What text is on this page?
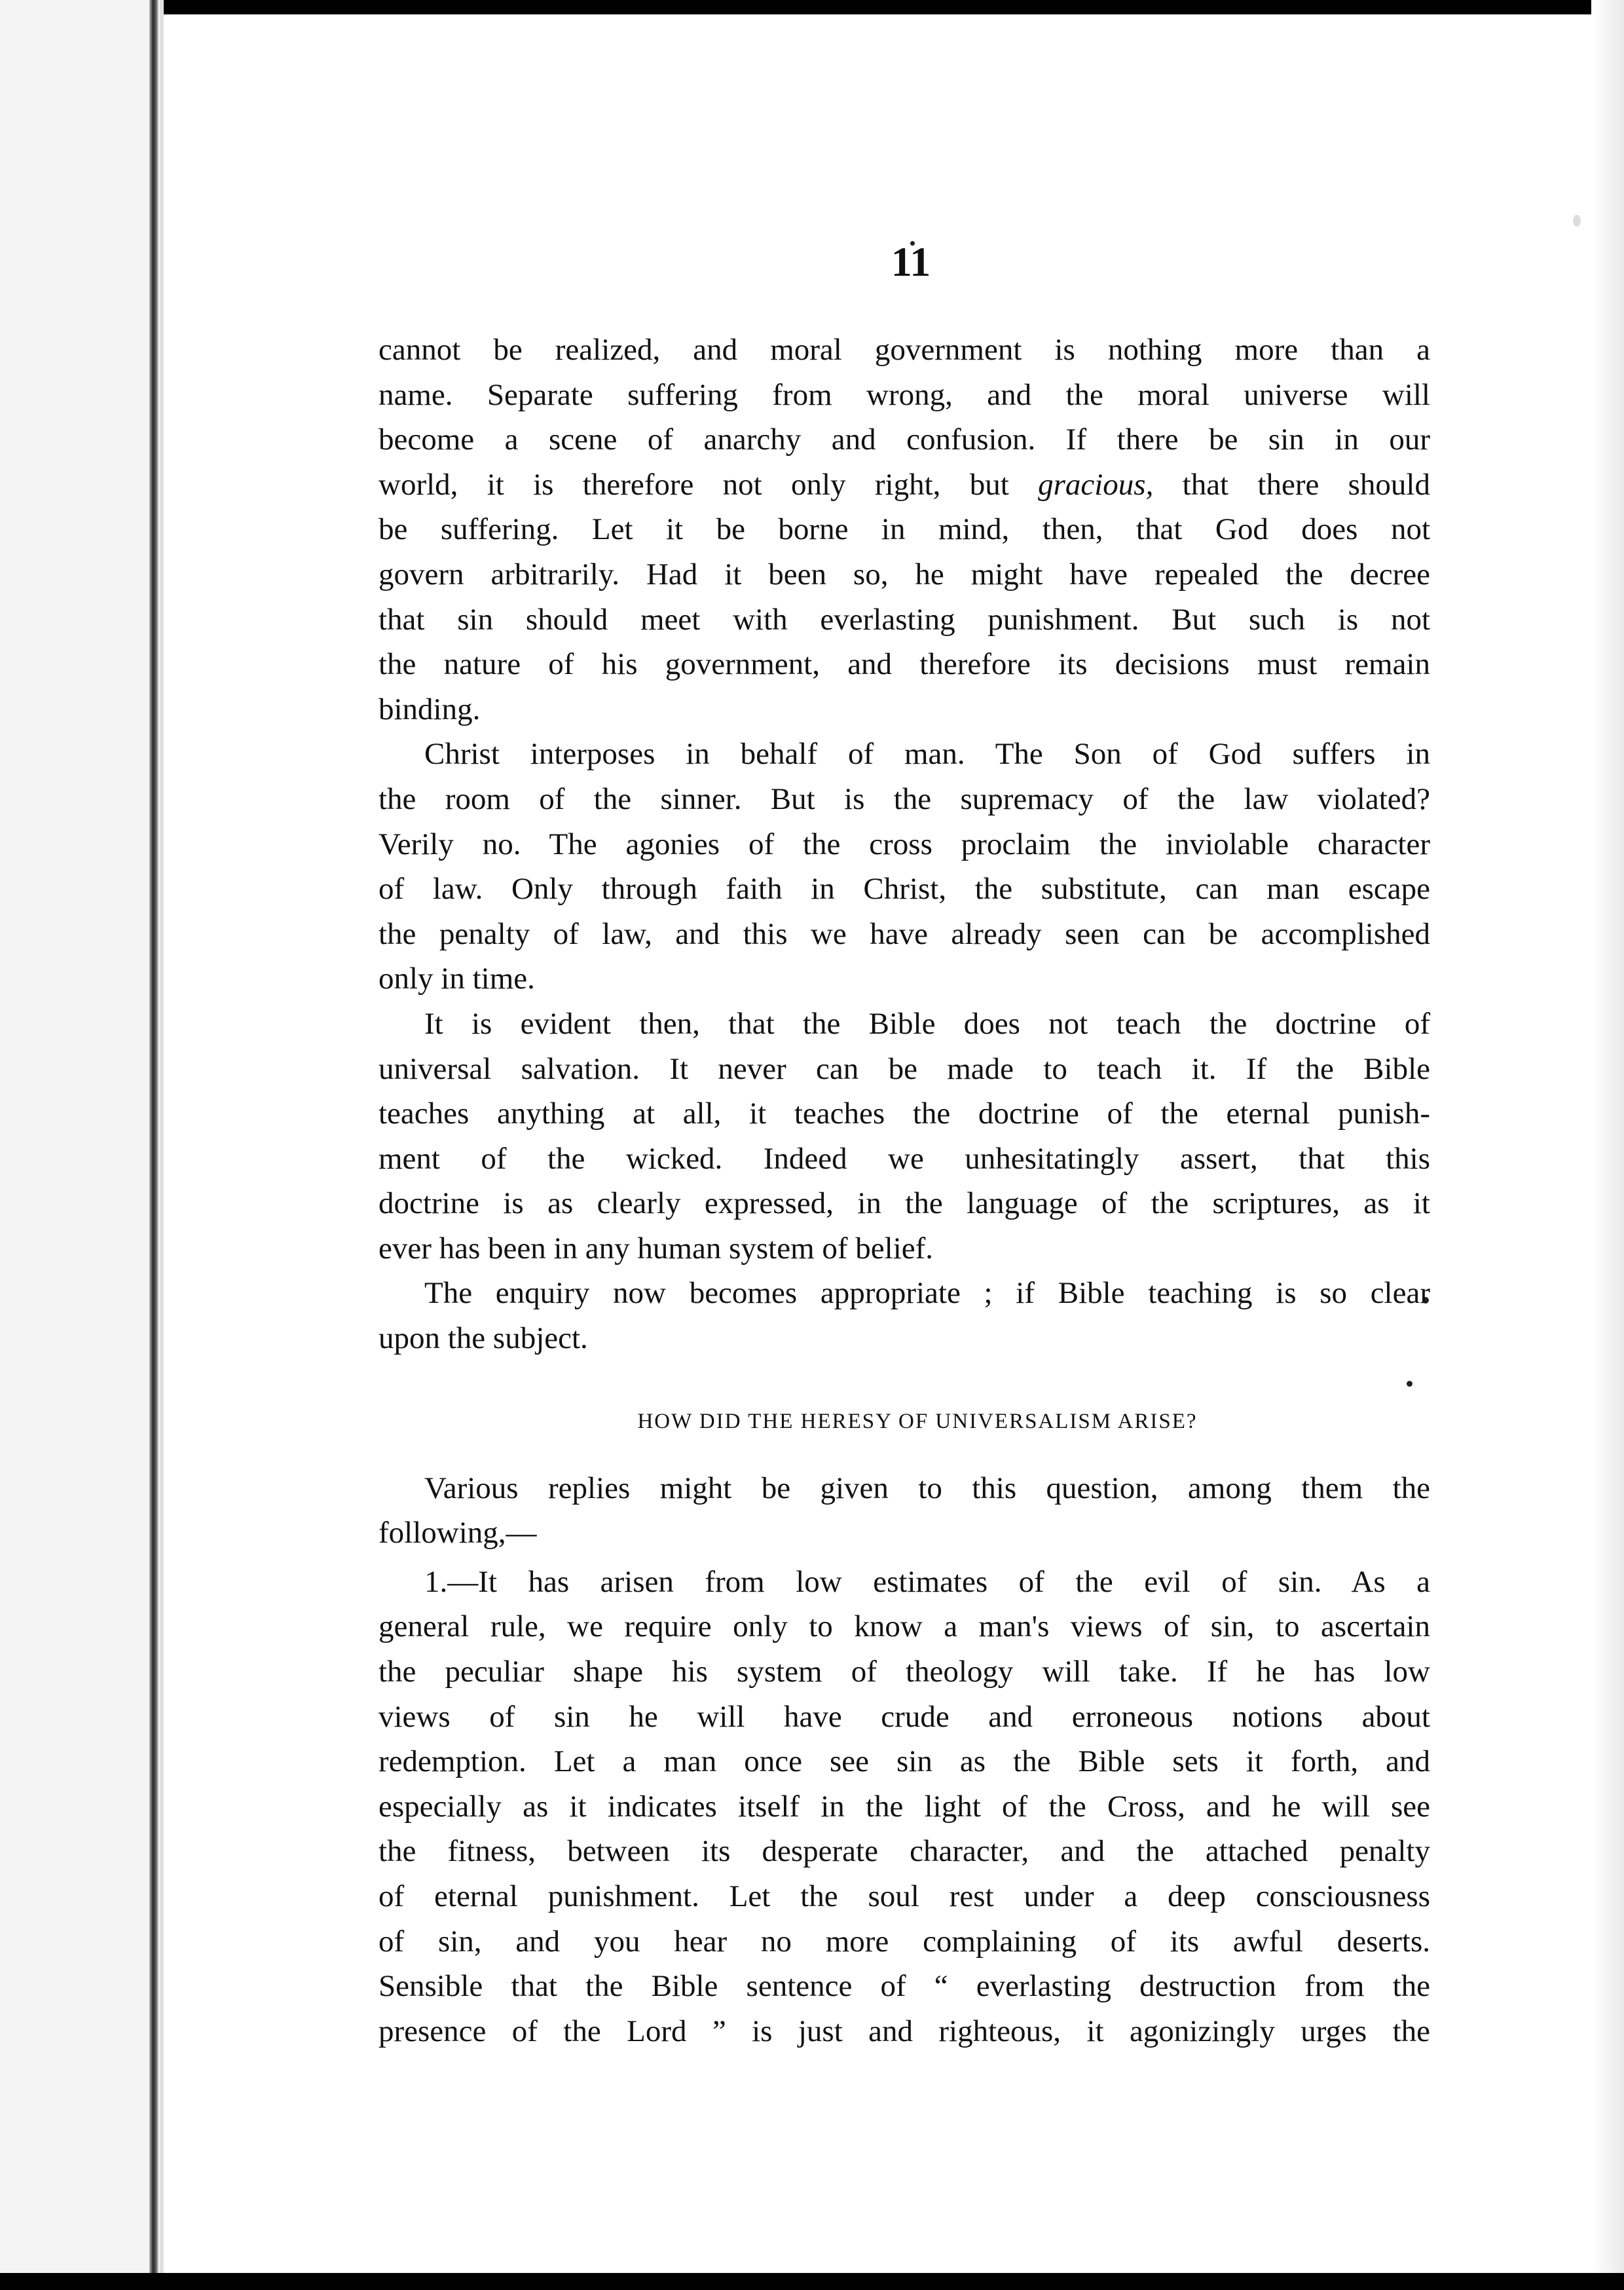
11
cannot be realized, and moral government is nothing more than a
name. Separate suffering from wrong, and the moral universe will
become a scene of anarchy and confusion. If there be sin in our
world, it is therefore not only right, but gracious, that there should
be suffering. Let it be borne in mind, then, that God does not
govern arbitrarily. Had it been so, he might have repealed the decree
that sin should meet with everlasting punishment. But such is not
the nature of his government, and therefore its decisions must remain
binding.
Christ interposes in behalf of man. The Son of God suffers in
the room of the sinner. But is the supremacy of the law violated?
Verily no. The agonies of the cross proclaim the inviolable character
of law. Only through faith in Christ, the substitute, can man escape
the penalty of law, and this we have already seen can be accomplished
only in time.
It is evident then, that the Bible does not teach the doctrine of
universal salvation. It never can be made to teach it. If the Bible
teaches anything at all, it teaches the doctrine of the eternal punish-
ment of the wicked. Indeed we unhesitatingly assert, that this
doctrine is as clearly expressed, in the language of the scriptures, as it
ever has been in any human system of belief.
The enquiry now becomes appropriate ; if Bible teaching is so clear
upon the subject.
HOW DID THE HERESY OF UNIVERSALISM ARISE?
Various replies might be given to this question, among them the
following,—
1.—It has arisen from low estimates of the evil of sin. As a
general rule, we require only to know a man's views of sin, to ascertain
the peculiar shape his system of theology will take. If he has low
views of sin he will have crude and erroneous notions about
redemption. Let a man once see sin as the Bible sets it forth, and
especially as it indicates itself in the light of the Cross, and he will see
the fitness, between its desperate character, and the attached penalty
of eternal punishment. Let the soul rest under a deep consciousness
of sin, and you hear no more complaining of its awful deserts.
Sensible that the Bible sentence of “ everlasting destruction from the
presence of the Lord ” is just and righteous, it agonizingly urges the
